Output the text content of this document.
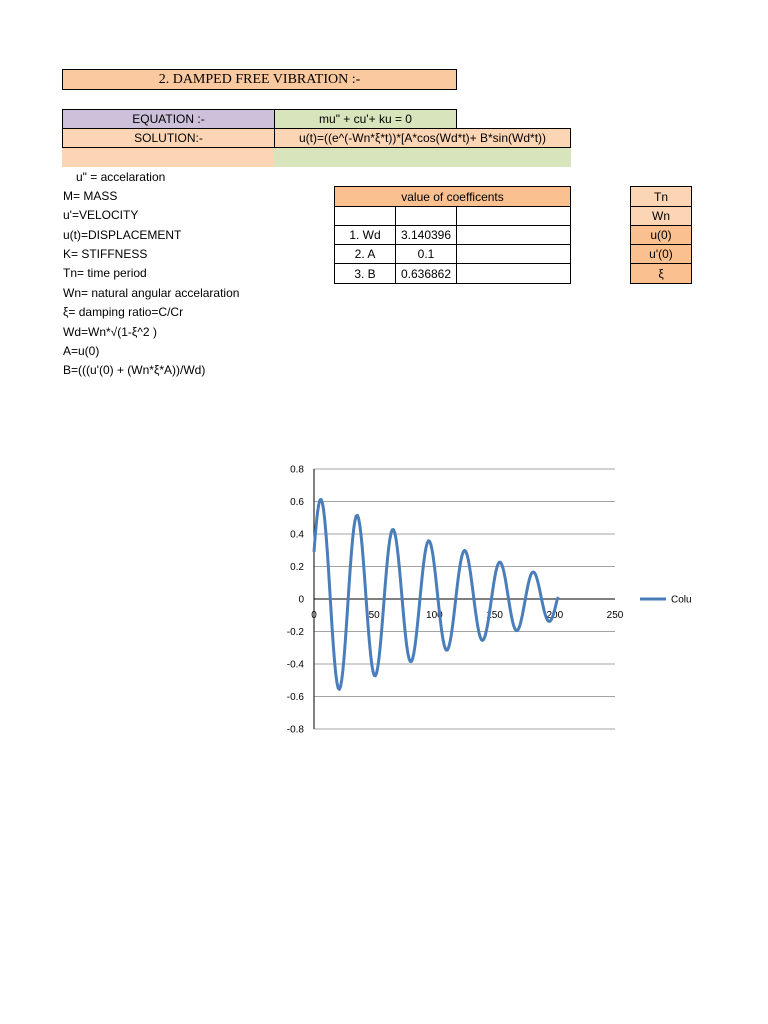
2. DAMPED FREE VIBRATION :-
EQUATION :-	mu" + cu'+ ku = 0
SOLUTION:-	u(t)=((e^(-Wn*ξ*t))*[A*cos(Wd*t)+ B*sin(Wd*t))
u" = accelaration
M= MASS
u'=VELOCITY
u(t)=DISPLACEMENT
K= STIFFNESS
Tn= time period
Wn= natural angular accelaration
ξ= damping ratio=C/Cr
Wd=Wn*√(1-ξ^2 )
A=u(0)
B=(((u'(0) + (Wn*ξ*A))/Wd)
value of coefficents
1. Wd	3.140396
2. A	0.1
3. B	0.636862
Tn
Wn
u(0)
u'(0)
ξ
0.8
0.6
0.4
0.2
0
-0.2
-0.4
-0.6
-0.8
0	50	100	150	200	250
Colu
